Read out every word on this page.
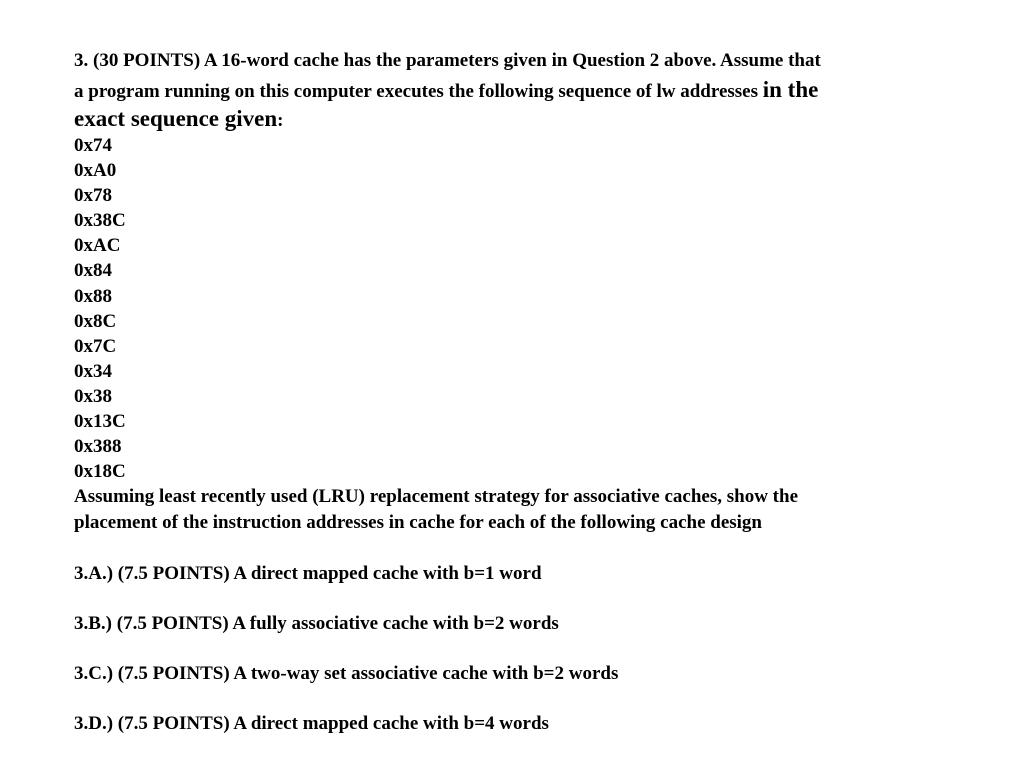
3. (30 POINTS) A 16-word cache has the parameters given in Question 2 above. Assume that
a program running on this computer executes the following sequence of lw addresses in the
exact sequence given:
0x74
0xA0
0x78
0x38C
0xAC
0x84
0x88
0x8C
0x7C
0x34
0x38
0x13C
0x388
0x18C
Assuming least recently used (LRU) replacement strategy for associative caches, show the
placement of the instruction addresses in cache for each of the following cache design
3.A.) (7.5 POINTS) A direct mapped cache with b=1 word
3.B.) (7.5 POINTS) A fully associative cache with b=2 words
3.C.) (7.5 POINTS) A two-way set associative cache with b=2 words
3.D.) (7.5 POINTS) A direct mapped cache with b=4 words
